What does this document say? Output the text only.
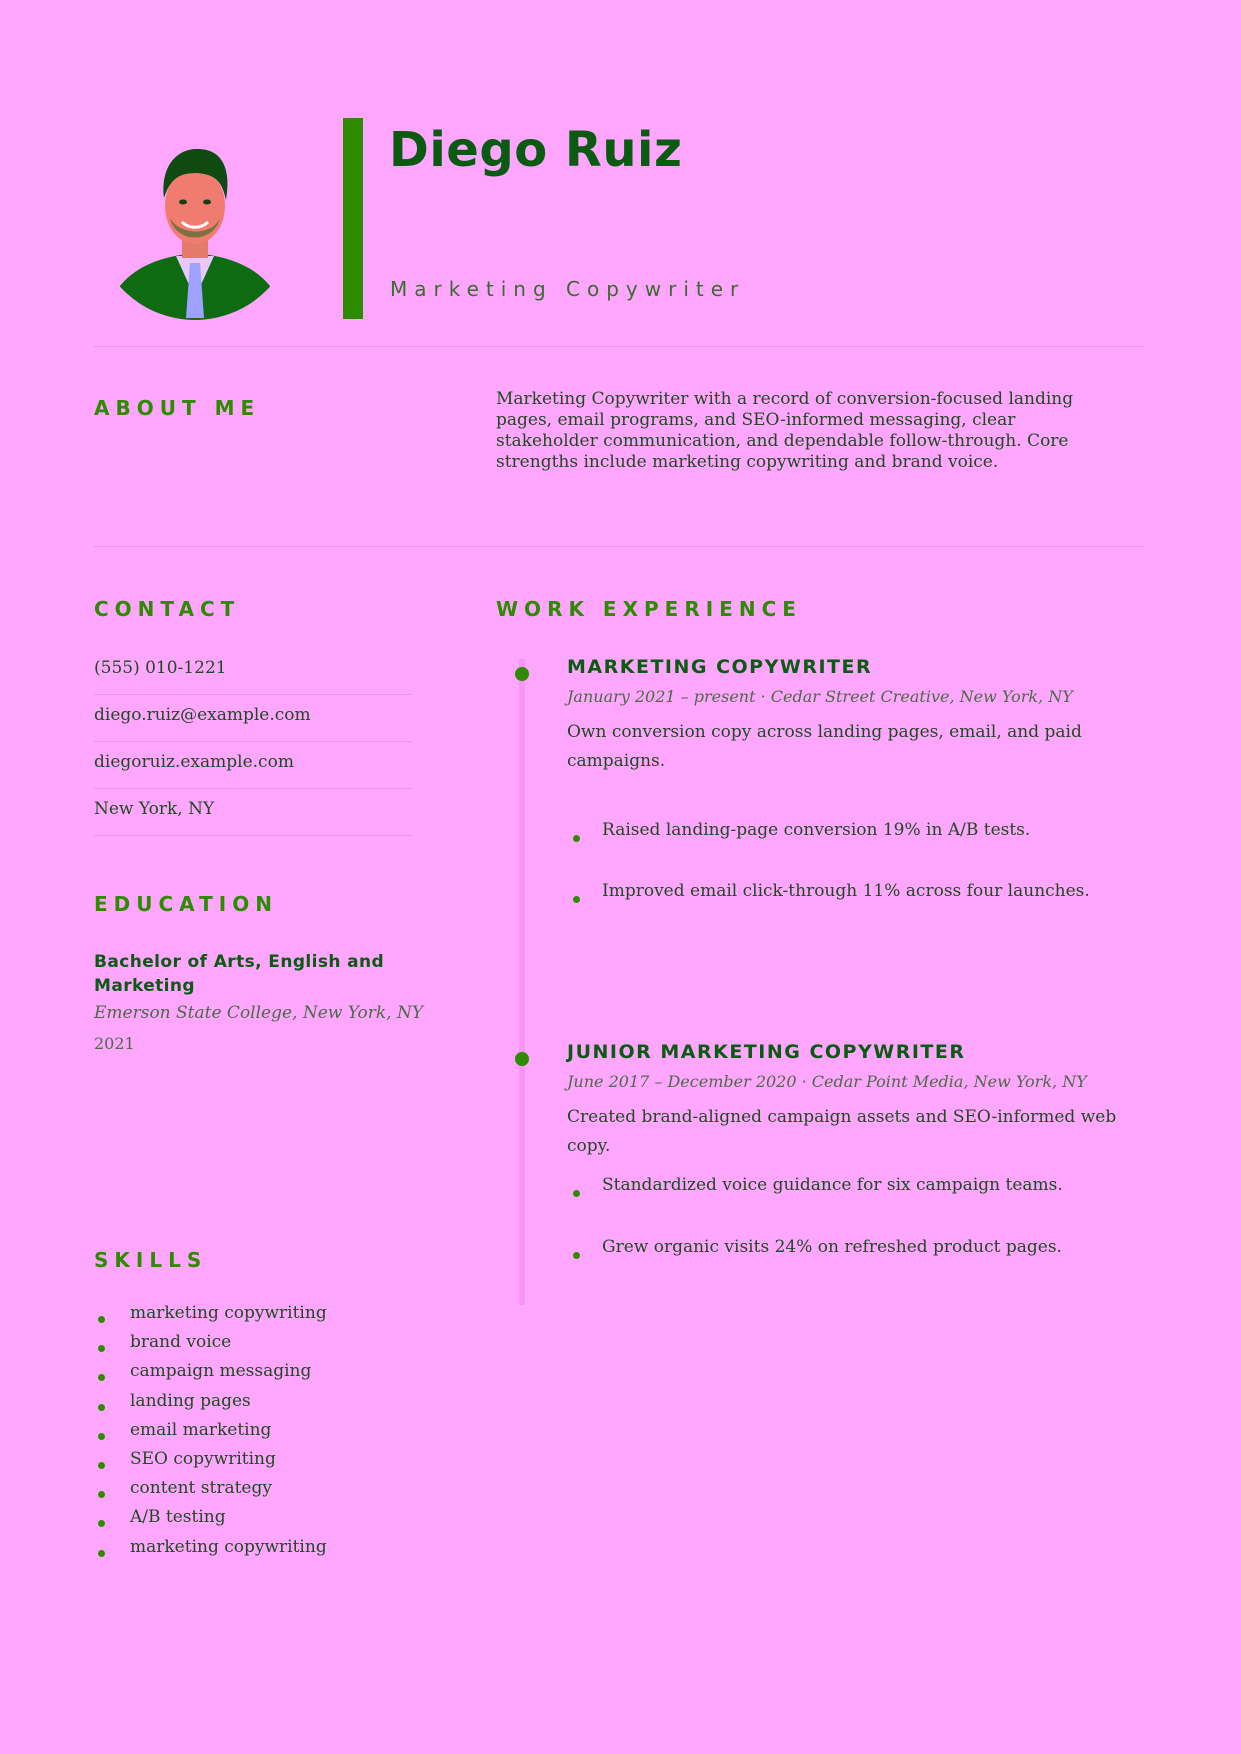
Diego Ruiz
Marketing Copywriter
ABOUT ME	Marketing Copywriter with a record of conversion-focused landing pages, email programs, and SEO-informed messaging, clear stakeholder communication, and dependable follow-through. Core strengths include marketing copywriting and brand voice.
CONTACT
(555) 010-1221
diego.ruiz@example.com
diegoruiz.example.com
New York, NY
EDUCATION
Bachelor of Arts, English and Marketing
Emerson State College, New York, NY
2021
SKILLS
marketing copywriting
brand voice
campaign messaging
landing pages
email marketing
SEO copywriting
content strategy
A/B testing
marketing copywriting
WORK EXPERIENCE
MARKETING COPYWRITER
January 2021 – present · Cedar Street Creative, New York, NY
Own conversion copy across landing pages, email, and paid campaigns.
Raised landing-page conversion 19% in A/B tests.
Improved email click-through 11% across four launches.
JUNIOR MARKETING COPYWRITER
June 2017 – December 2020 · Cedar Point Media, New York, NY
Created brand-aligned campaign assets and SEO-informed web copy.
Standardized voice guidance for six campaign teams.
Grew organic visits 24% on refreshed product pages.
